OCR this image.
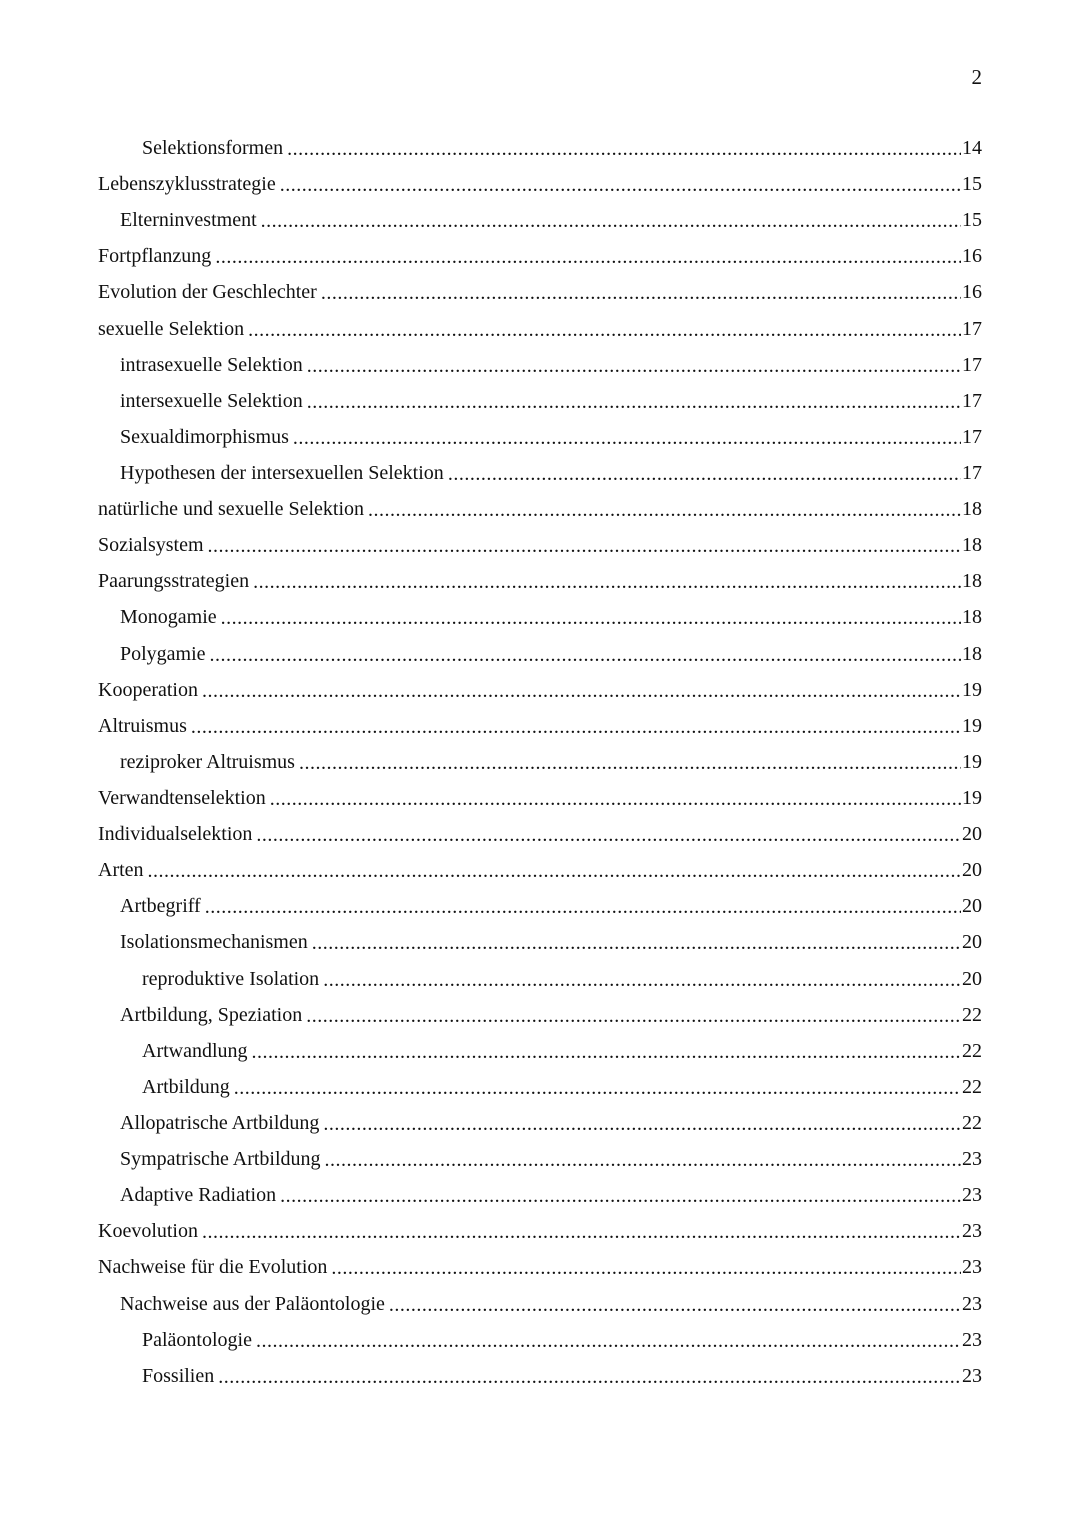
2
Selektionsformen .....	14
Lebenszyklusstrategie .....	15
Elterninvestment .....	15
Fortpflanzung .....	16
Evolution der Geschlechter .....	16
sexuelle Selektion .....	17
intrasexuelle Selektion .....	17
intersexuelle Selektion .....	17
Sexualdimorphismus .....	17
Hypothesen der intersexuellen Selektion .....	17
natürliche und sexuelle Selektion .....	18
Sozialsystem .....	18
Paarungsstrategien .....	18
Monogamie .....	18
Polygamie .....	18
Kooperation .....	19
Altruismus .....	19
reziproker Altruismus .....	19
Verwandtenselektion .....	19
Individualselektion .....	20
Arten .....	20
Artbegriff .....	20
Isolationsmechanismen .....	20
reproduktive Isolation .....	20
Artbildung, Speziation .....	22
Artwandlung .....	22
Artbildung .....	22
Allopatrische Artbildung .....	22
Sympatrische Artbildung .....	23
Adaptive Radiation .....	23
Koevolution .....	23
Nachweise für die Evolution .....	23
Nachweise aus der Paläontologie .....	23
Paläontologie .....	23
Fossilien .....	23
